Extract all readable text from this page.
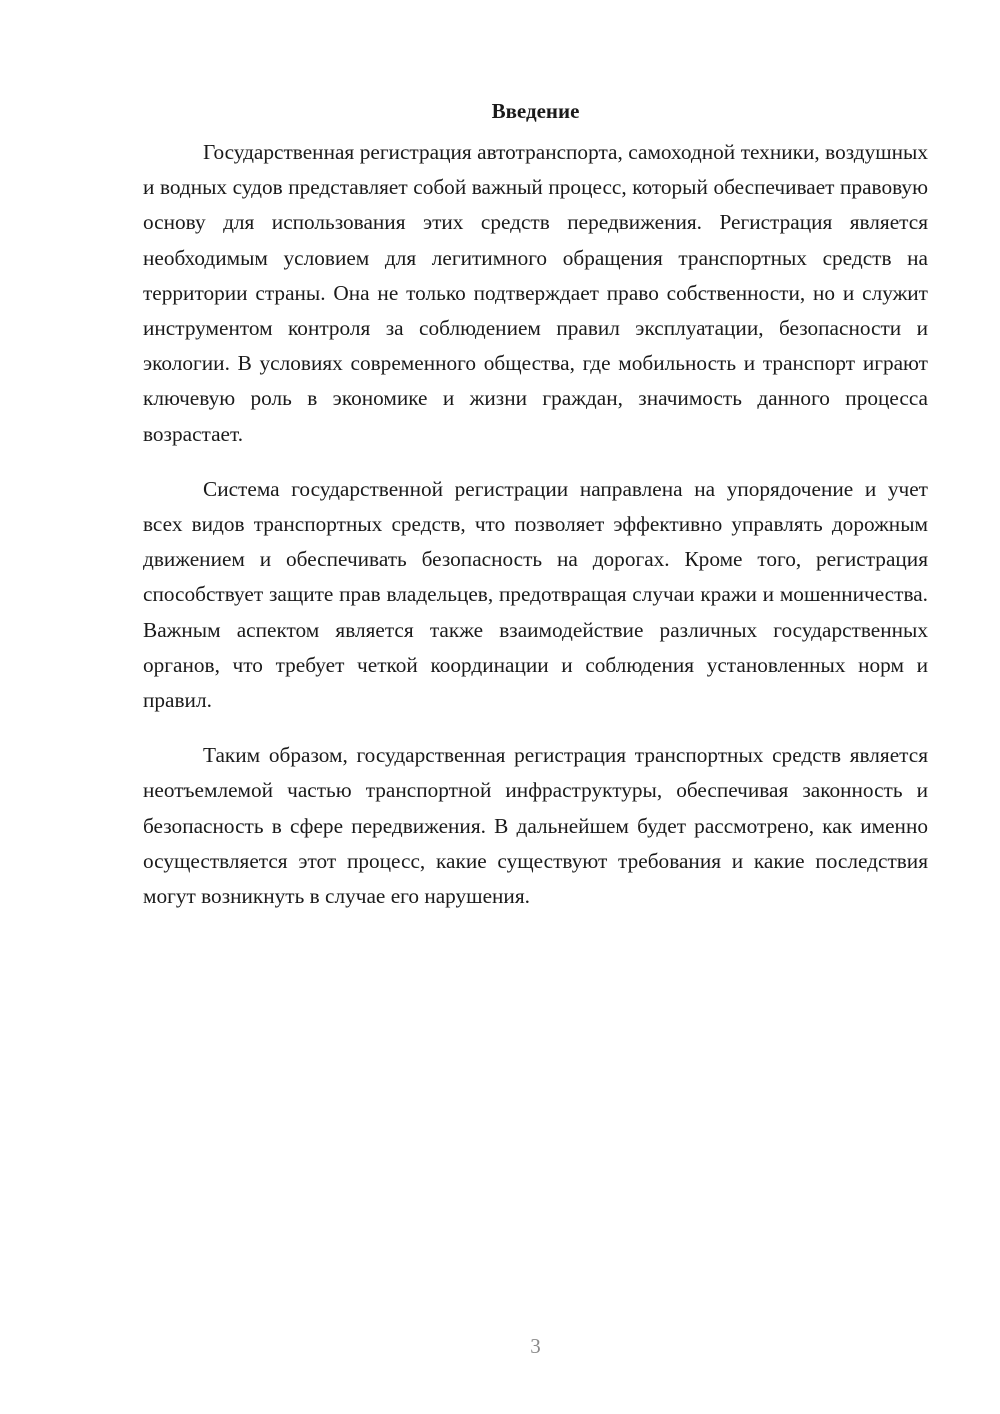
Введение

Государственная регистрация автотранспорта, самоходной техники, воздушных и водных судов представляет собой важный процесс, который обеспечивает правовую основу для использования этих средств передвижения. Регистрация является необходимым условием для легитимного обращения транспортных средств на территории страны. Она не только подтверждает право собственности, но и служит инструментом контроля за соблюдением правил эксплуатации, безопасности и экологии. В условиях современного общества, где мобильность и транспорт играют ключевую роль в экономике и жизни граждан, значимость данного процесса возрастает.

Система государственной регистрации направлена на упорядочение и учет всех видов транспортных средств, что позволяет эффективно управлять дорожным движением и обеспечивать безопасность на дорогах. Кроме того, регистрация способствует защите прав владельцев, предотвращая случаи кражи и мошенничества. Важным аспектом является также взаимодействие различных государственных органов, что требует четкой координации и соблюдения установленных норм и правил.

Таким образом, государственная регистрация транспортных средств является неотъемлемой частью транспортной инфраструктуры, обеспечивая законность и безопасность в сфере передвижения. В дальнейшем будет рассмотрено, как именно осуществляется этот процесс, какие существуют требования и какие последствия могут возникнуть в случае его нарушения.

3
